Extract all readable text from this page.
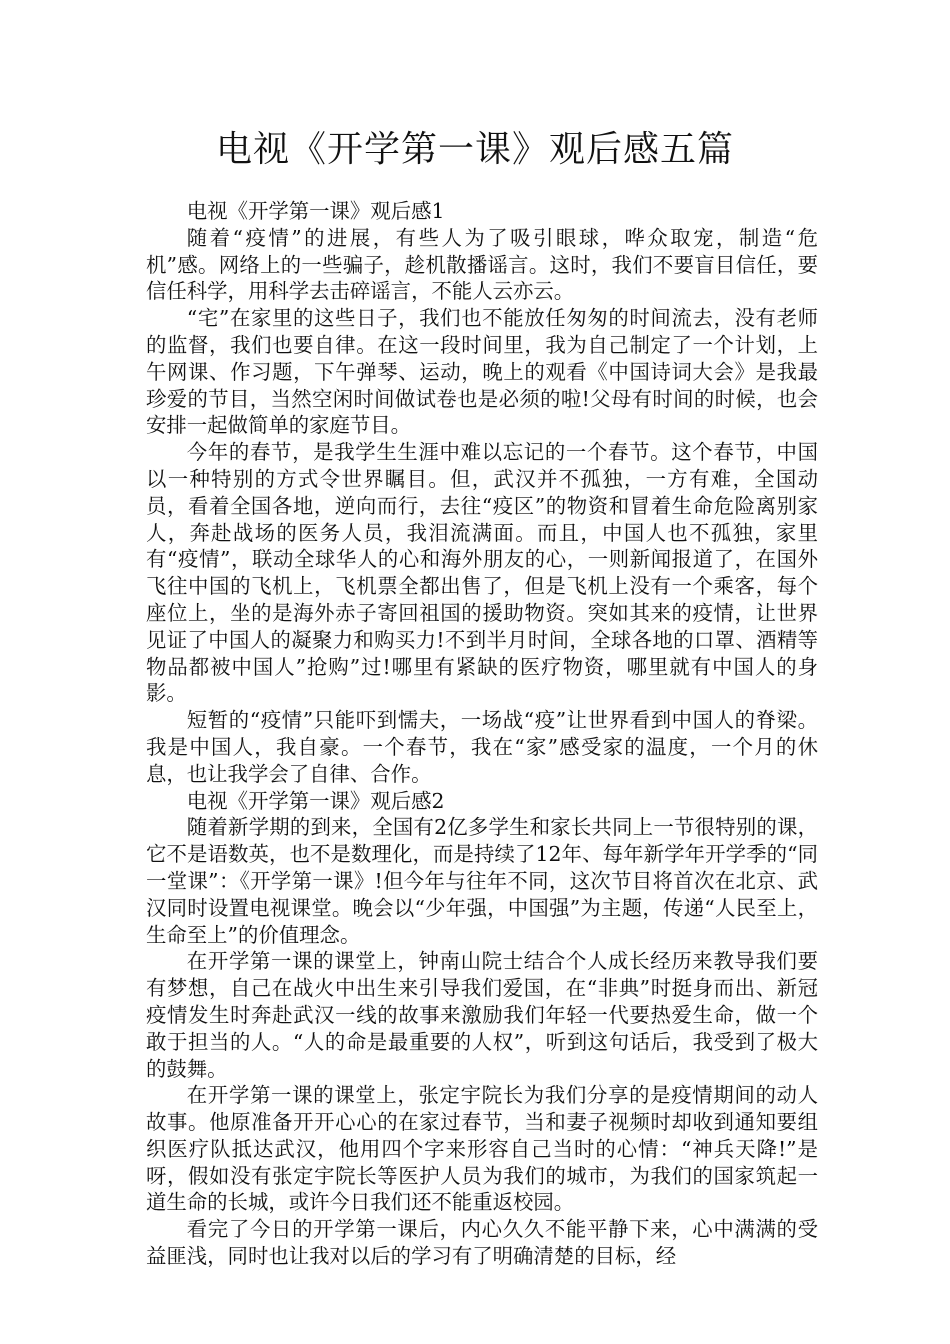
电视《开学第一课》观后感五篇

电视《开学第一课》观后感1

随着“疫情”的进展，有些人为了吸引眼球，哗众取宠，制造“危机”感。网络上的一些骗子，趁机散播谣言。这时，我们不要盲目信任，要信任科学，用科学去击碎谣言，不能人云亦云。

“宅”在家里的这些日子，我们也不能放任匆匆的时间流去，没有老师的监督，我们也要自律。在这一段时间里，我为自己制定了一个计划，上午网课、作习题，下午弹琴、运动，晚上的观看《中国诗词大会》是我最珍爱的节目，当然空闲时间做试卷也是必须的啦!父母有时间的时候，也会安排一起做简单的家庭节目。

今年的春节，是我学生生涯中难以忘记的一个春节。这个春节，中国以一种特别的方式令世界瞩目。但，武汉并不孤独，一方有难，全国动员，看着全国各地，逆向而行，去往“疫区”的物资和冒着生命危险离别家人，奔赴战场的医务人员，我泪流满面。而且，中国人也不孤独，家里有“疫情”，联动全球华人的心和海外朋友的心，一则新闻报道了，在国外飞往中国的飞机上，飞机票全都出售了，但是飞机上没有一个乘客，每个座位上，坐的是海外赤子寄回祖国的援助物资。突如其来的疫情，让世界见证了中国人的凝聚力和购买力!不到半月时间，全球各地的口罩、酒精等物品都被中国人”抢购”过!哪里有紧缺的医疗物资，哪里就有中国人的身影。

短暂的“疫情”只能吓到懦夫，一场战“疫”让世界看到中国人的脊梁。我是中国人，我自豪。一个春节，我在“家”感受家的温度，一个月的休息，也让我学会了自律、合作。

电视《开学第一课》观后感2

随着新学期的到来，全国有2亿多学生和家长共同上一节很特别的课，它不是语数英，也不是数理化，而是持续了12年、每年新学年开学季的“同一堂课”：《开学第一课》!但今年与往年不同，这次节目将首次在北京、武汉同时设置电视课堂。晚会以“少年强，中国强”为主题，传递“人民至上，生命至上”的价值理念。

在开学第一课的课堂上，钟南山院士结合个人成长经历来教导我们要有梦想，自己在战火中出生来引导我们爱国，在“非典”时挺身而出、新冠疫情发生时奔赴武汉一线的故事来激励我们年轻一代要热爱生命，做一个敢于担当的人。“人的命是最重要的人权”，听到这句话后，我受到了极大的鼓舞。

在开学第一课的课堂上，张定宇院长为我们分享的是疫情期间的动人故事。他原准备开开心心的在家过春节，当和妻子视频时却收到通知要组织医疗队抵达武汉，他用四个字来形容自己当时的心情：“神兵天降!”是呀，假如没有张定宇院长等医护人员为我们的城市，为我们的国家筑起一道生命的长城，或许今日我们还不能重返校园。

看完了今日的开学第一课后，内心久久不能平静下来，心中满满的受益匪浅，同时也让我对以后的学习有了明确清楚的目标，经
